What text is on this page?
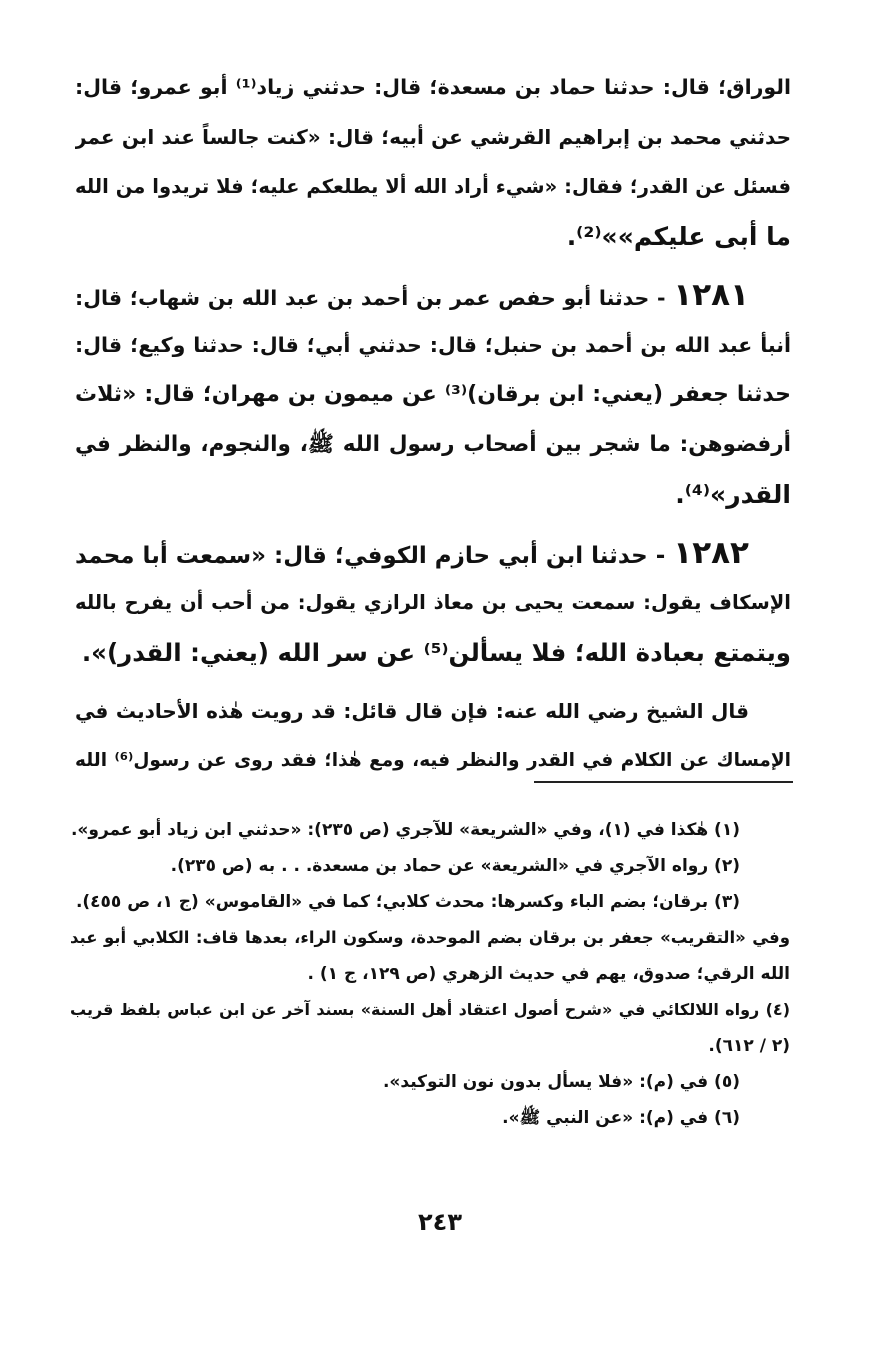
الوراق؛ قال: حدثنا حماد بن مسعدة؛ قال: حدثني زياد⁽¹⁾ أبو عمرو؛ قال:
حدثني محمد بن إبراهيم القرشي عن أبيه؛ قال: «كنت جالساً عند ابن عمر
فسئل عن القدر؛ فقال: «شيء أراد الله ألا يطلعكم عليه؛ فلا تريدوا من الله
ما أبى عليكم»»⁽²⁾.
١٢٨١ - حدثنا أبو حفص عمر بن أحمد بن عبد الله بن شهاب؛ قال:
أنبأ عبد الله بن أحمد بن حنبل؛ قال: حدثني أبي؛ قال: حدثنا وكيع؛ قال:
حدثنا جعفر (يعني: ابن برقان)⁽³⁾ عن ميمون بن مهران؛ قال: «ثلاث
أرفضوهن: ما شجر بين أصحاب رسول الله ﷺ، والنجوم، والنظر في
القدر»⁽⁴⁾.
١٢٨٢ - حدثنا ابن أبي حازم الكوفي؛ قال: «سمعت أبا محمد
الإسكاف يقول: سمعت يحيى بن معاذ الرازي يقول: من أحب أن يفرح بالله
ويتمتع بعبادة الله؛ فلا يسألن⁽⁵⁾ عن سر الله (يعني: القدر)».
قال الشيخ رضي الله عنه: فإن قال قائل: قد رويت هٰذه الأحاديث في
الإمساك عن الكلام في القدر والنظر فيه، ومع هٰذا؛ فقد روى عن رسول⁽⁶⁾ الله
(١) هٰكذا في (١)، وفي «الشريعة» للآجري (ص ٢٣٥): «حدثني ابن زياد أبو عمرو».
(٢) رواه الآجري في «الشريعة» عن حماد بن مسعدة. . . به (ص ٢٣٥).
(٣) برقان؛ بضم الباء وكسرها: محدث كلابي؛ كما في «القاموس» (ج ١، ص ٤٥٥).
وفي «التقريب» جعفر بن برقان بضم الموحدة، وسكون الراء، بعدها قاف: الكلابي أبو عبد
الله الرقي؛ صدوق، يهم في حديث الزهري (ص ١٢٩، ج ١) .
(٤) رواه اللالكائي في «شرح أصول اعتقاد أهل السنة» بسند آخر عن ابن عباس بلفظ قريب
(٢ / ٦١٢).
(٥) في (م): «فلا يسأل بدون نون التوكيد».
(٦) في (م): «عن النبي ﷺ».
٢٤٣
